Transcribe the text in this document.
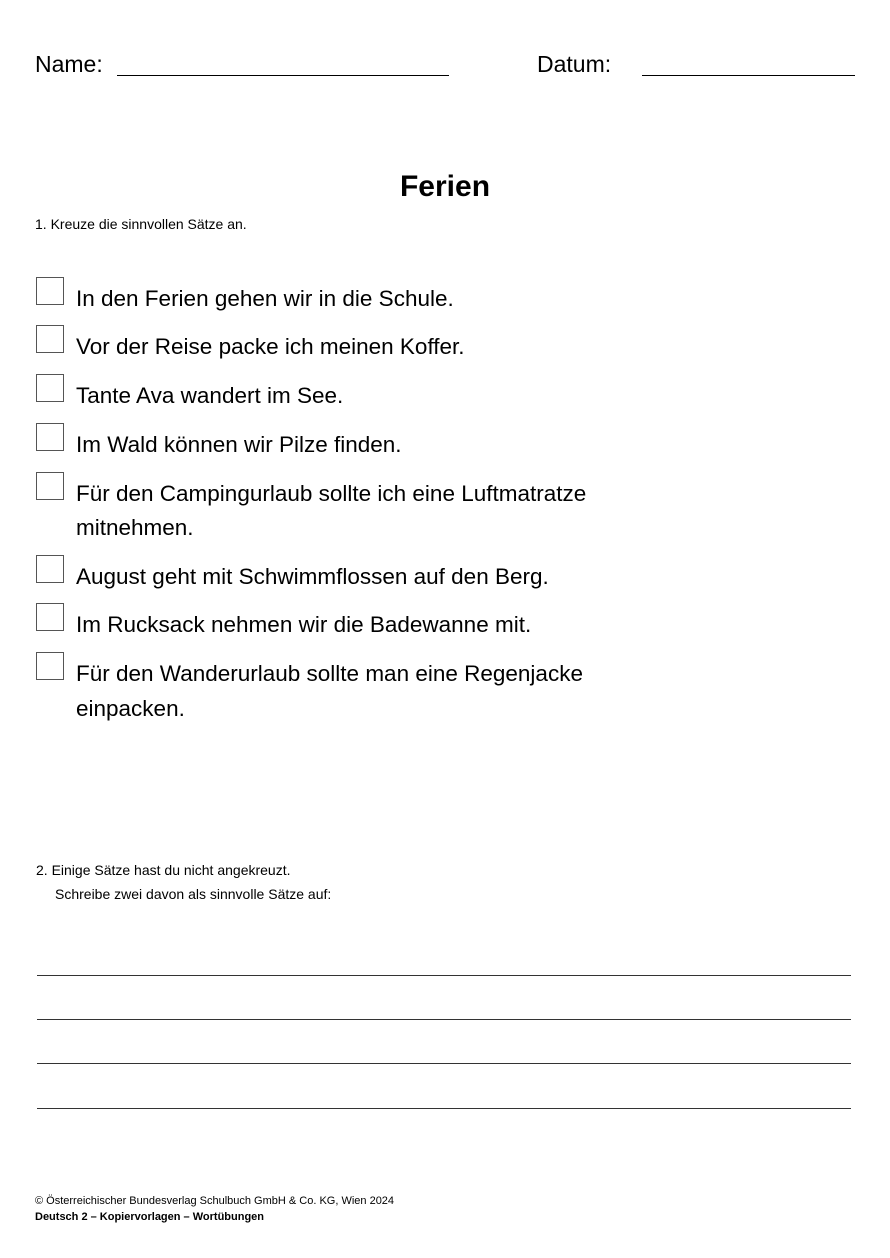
Name:	Datum:
Ferien
1. Kreuze die sinnvollen Sätze an.
In den Ferien gehen wir in die Schule.
Vor der Reise packe ich meinen Koffer.
Tante Ava wandert im See.
Im Wald können wir Pilze finden.
Für den Campingurlaub sollte ich eine Luftmatratze
mitnehmen.
August geht mit Schwimmflossen auf den Berg.
Im Rucksack nehmen wir die Badewanne mit.
Für den Wanderurlaub sollte man eine Regenjacke
einpacken.
2. Einige Sätze hast du nicht angekreuzt.
Schreibe zwei davon als sinnvolle Sätze auf:
© Österreichischer Bundesverlag Schulbuch GmbH & Co. KG, Wien 2024
Deutsch 2 – Kopiervorlagen – Wortübungen
